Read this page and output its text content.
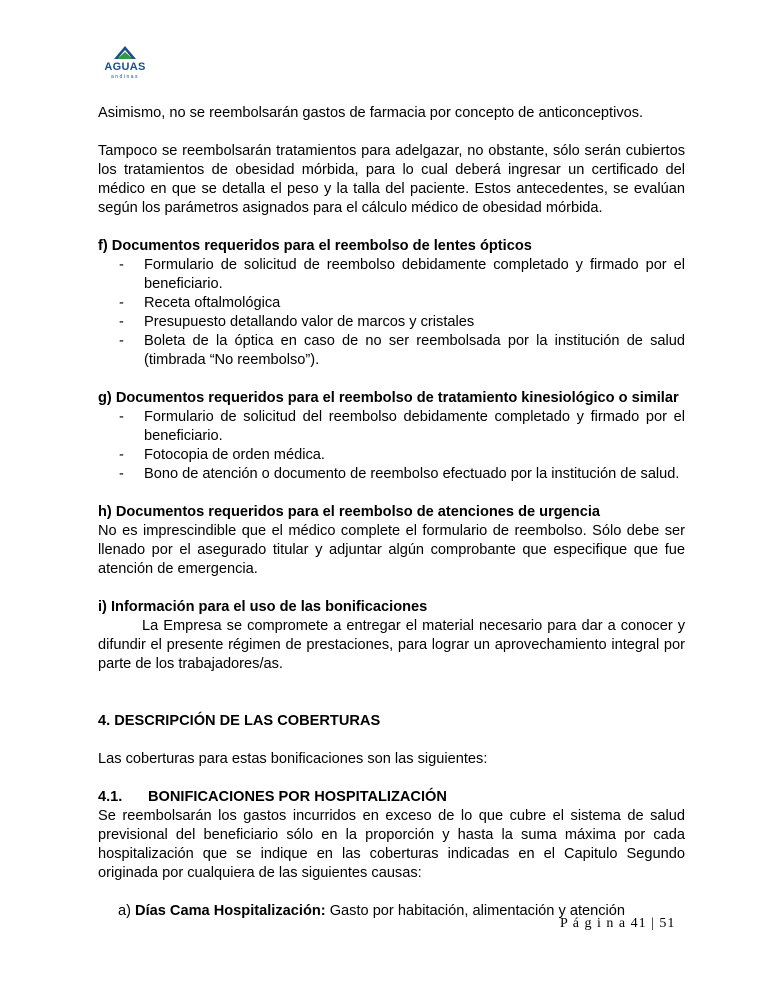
AGUAS
andinas

Asimismo, no se reembolsarán gastos de farmacia por concepto de anticonceptivos.

Tampoco se reembolsarán tratamientos para adelgazar, no obstante, sólo serán cubiertos los tratamientos de obesidad mórbida, para lo cual deberá ingresar un certificado del médico en que se detalla el peso y la talla del paciente. Estos antecedentes, se evalúan según los parámetros asignados para el cálculo médico de obesidad mórbida.

f) Documentos requeridos para el reembolso de lentes ópticos

- Formulario de solicitud de reembolso debidamente completado y firmado por el beneficiario.
- Receta oftalmológica
- Presupuesto detallando valor de marcos y cristales
- Boleta de la óptica en caso de no ser reembolsada por la institución de salud (timbrada “No reembolso”).

g) Documentos requeridos para el reembolso de tratamiento kinesiológico o similar

- Formulario de solicitud del reembolso debidamente completado y firmado por el beneficiario.
- Fotocopia de orden médica.
- Bono de atención o documento de reembolso efectuado por la institución de salud.

h) Documentos requeridos para el reembolso de atenciones de urgencia

No es imprescindible que el médico complete el formulario de reembolso. Sólo debe ser llenado por el asegurado titular y adjuntar algún comprobante que especifique que fue atención de emergencia.

i) Información para el uso de las bonificaciones

La Empresa se compromete a entregar el material necesario para dar a conocer y difundir el presente régimen de prestaciones, para lograr un aprovechamiento integral por parte de los trabajadores/as.

4. DESCRIPCIÓN DE LAS COBERTURAS

Las coberturas para estas bonificaciones son las siguientes:

4.1. BONIFICACIONES POR HOSPITALIZACIÓN

Se reembolsarán los gastos incurridos en exceso de lo que cubre el sistema de salud previsional del beneficiario sólo en la proporción y hasta la suma máxima por cada hospitalización que se indique en las coberturas indicadas en el Capitulo Segundo originada por cualquiera de las siguientes causas:

a) Días Cama Hospitalización: Gasto por habitación, alimentación y atención

P á g i n a 41 | 51
